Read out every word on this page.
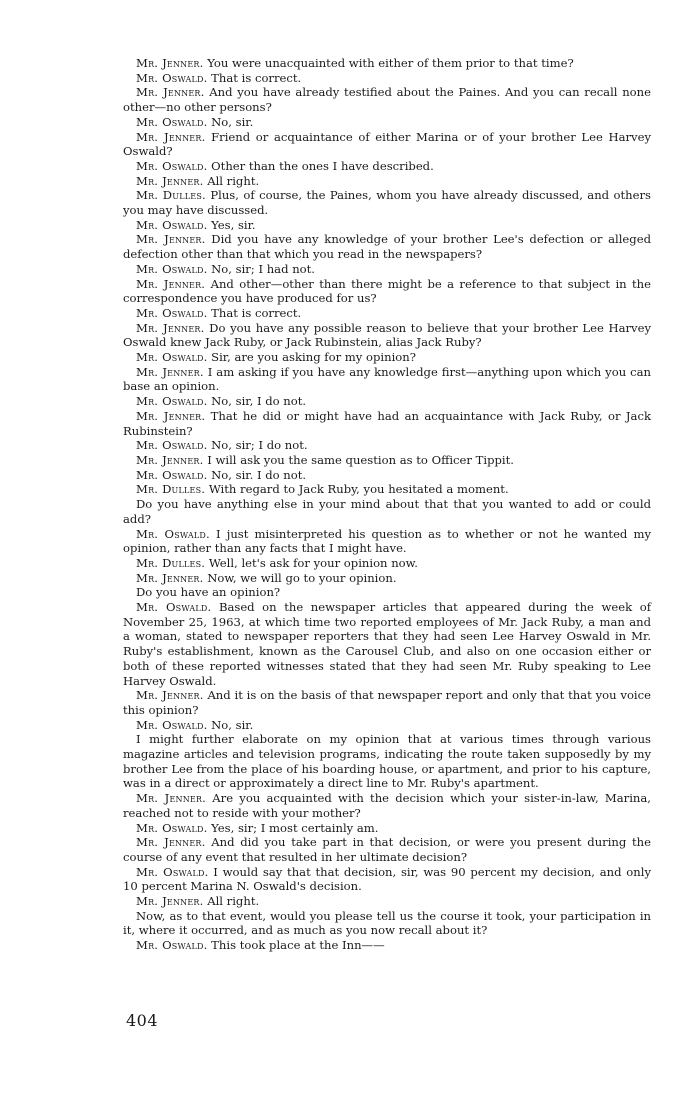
Mr. Jenner. You were unacquainted with either of them prior to that time?

Mr. Oswald. That is correct.

Mr. Jenner. And you have already testified about the Paines. And you can recall none other—no other persons?

Mr. Oswald. No, sir.

Mr. Jenner. Friend or acquaintance of either Marina or of your brother Lee Harvey Oswald?

Mr. Oswald. Other than the ones I have described.

Mr. Jenner. All right.

Mr. Dulles. Plus, of course, the Paines, whom you have already discussed, and others you may have discussed.

Mr. Oswald. Yes, sir.

Mr. Jenner. Did you have any knowledge of your brother Lee's defection or alleged defection other than that which you read in the newspapers?

Mr. Oswald. No, sir; I had not.

Mr. Jenner. And other—other than there might be a reference to that subject in the correspondence you have produced for us?

Mr. Oswald. That is correct.

Mr. Jenner. Do you have any possible reason to believe that your brother Lee Harvey Oswald knew Jack Ruby, or Jack Rubinstein, alias Jack Ruby?

Mr. Oswald. Sir, are you asking for my opinion?

Mr. Jenner. I am asking if you have any knowledge first—anything upon which you can base an opinion.

Mr. Oswald. No, sir, I do not.

Mr. Jenner. That he did or might have had an acquaintance with Jack Ruby, or Jack Rubinstein?

Mr. Oswald. No, sir; I do not.

Mr. Jenner. I will ask you the same question as to Officer Tippit.

Mr. Oswald. No, sir. I do not.

Mr. Dulles. With regard to Jack Ruby, you hesitated a moment.

Do you have anything else in your mind about that that you wanted to add or could add?

Mr. Oswald. I just misinterpreted his question as to whether or not he wanted my opinion, rather than any facts that I might have.

Mr. Dulles. Well, let's ask for your opinion now.

Mr. Jenner. Now, we will go to your opinion.

Do you have an opinion?

Mr. Oswald. Based on the newspaper articles that appeared during the week of November 25, 1963, at which time two reported employees of Mr. Jack Ruby, a man and a woman, stated to newspaper reporters that they had seen Lee Harvey Oswald in Mr. Ruby's establishment, known as the Carousel Club, and also on one occasion either or both of these reported witnesses stated that they had seen Mr. Ruby speaking to Lee Harvey Oswald.

Mr. Jenner. And it is on the basis of that newspaper report and only that that you voice this opinion?

Mr. Oswald. No, sir.

I might further elaborate on my opinion that at various times through various magazine articles and television programs, indicating the route taken supposedly by my brother Lee from the place of his boarding house, or apartment, and prior to his capture, was in a direct or approximately a direct line to Mr. Ruby's apartment.

Mr. Jenner. Are you acquainted with the decision which your sister-in-law, Marina, reached not to reside with your mother?

Mr. Oswald. Yes, sir; I most certainly am.

Mr. Jenner. And did you take part in that decision, or were you present during the course of any event that resulted in her ultimate decision?

Mr. Oswald. I would say that that decision, sir, was 90 percent my decision, and only 10 percent Marina N. Oswald's decision.

Mr. Jenner. All right.

Now, as to that event, would you please tell us the course it took, your participation in it, where it occurred, and as much as you now recall about it?

Mr. Oswald. This took place at the Inn——

404
